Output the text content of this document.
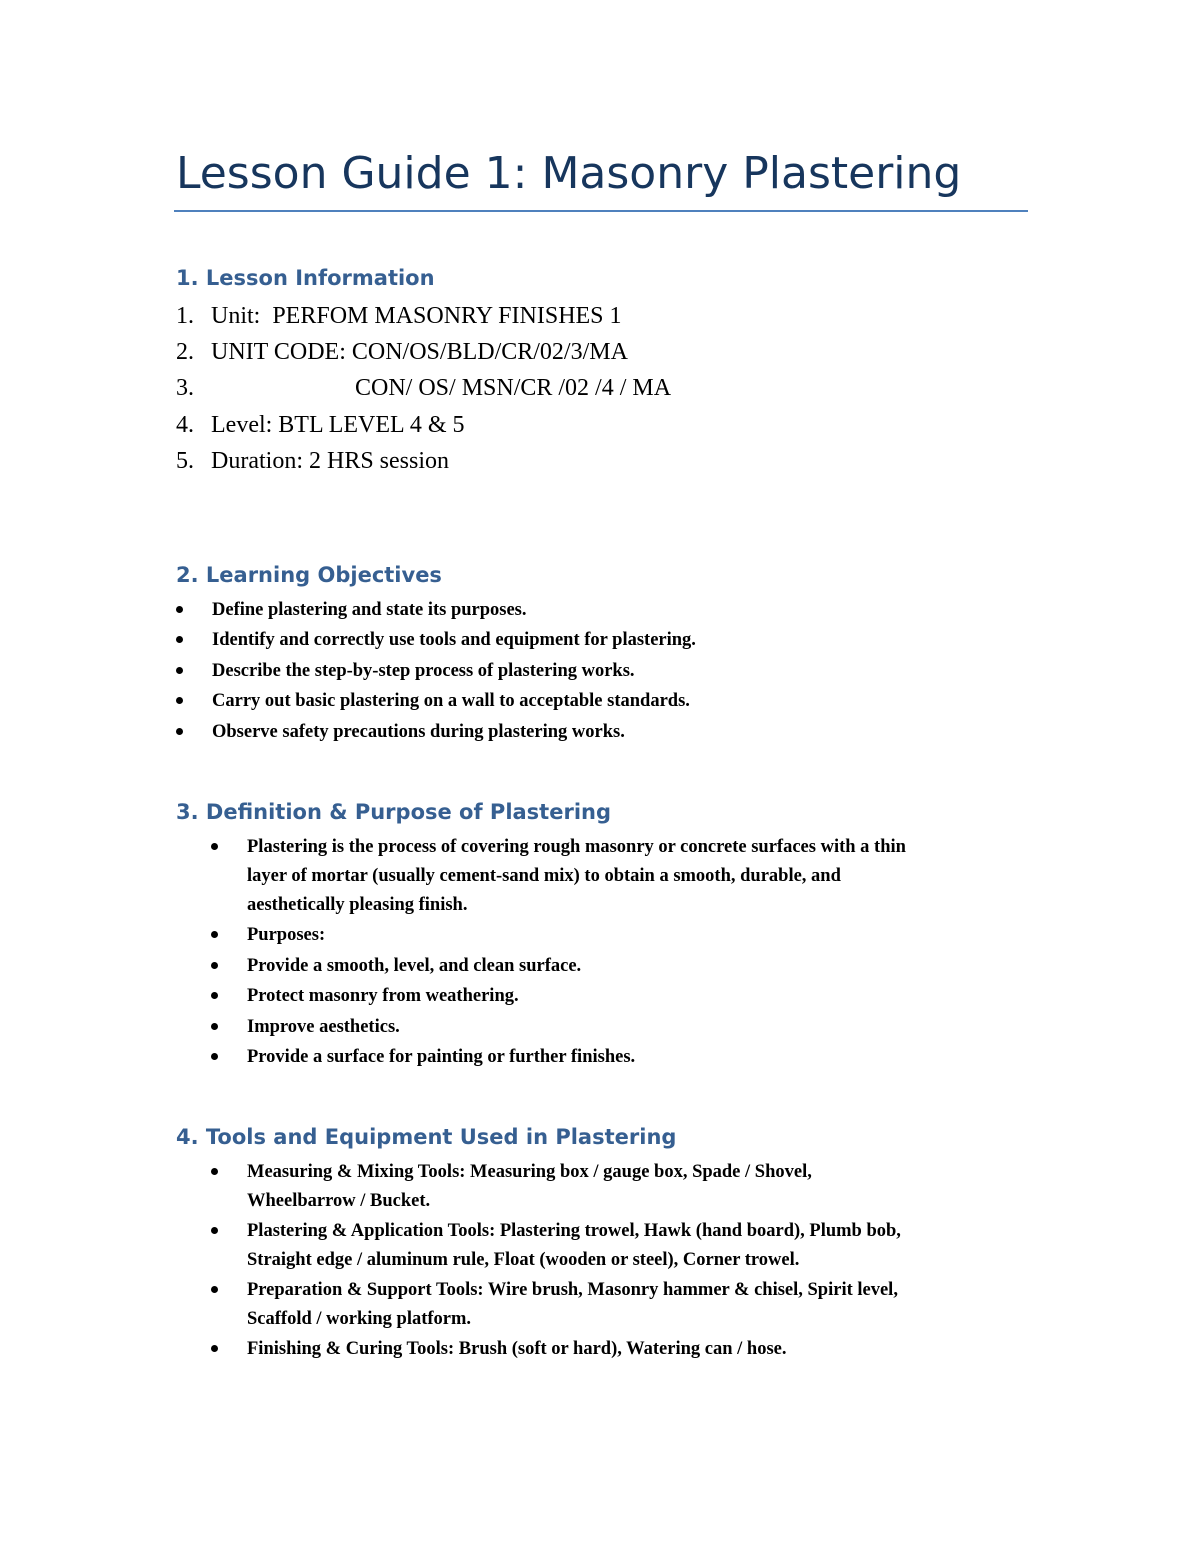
Lesson Guide 1: Masonry Plastering
1. Lesson Information
1. Unit:  PERFOM MASONRY FINISHES 1
2. UNIT CODE: CON/OS/BLD/CR/02/3/MA
3. CON/ OS/ MSN/CR /02 /4 / MA
4. Level: BTL LEVEL 4 & 5
5. Duration: 2 HRS session
2. Learning Objectives
Define plastering and state its purposes.
Identify and correctly use tools and equipment for plastering.
Describe the step-by-step process of plastering works.
Carry out basic plastering on a wall to acceptable standards.
Observe safety precautions during plastering works.
3. Definition & Purpose of Plastering
Plastering is the process of covering rough masonry or concrete surfaces with a thin
layer of mortar (usually cement-sand mix) to obtain a smooth, durable, and
aesthetically pleasing finish.
Purposes:
Provide a smooth, level, and clean surface.
Protect masonry from weathering.
Improve aesthetics.
Provide a surface for painting or further finishes.
4. Tools and Equipment Used in Plastering
Measuring & Mixing Tools: Measuring box / gauge box, Spade / Shovel,
Wheelbarrow / Bucket.
Plastering & Application Tools: Plastering trowel, Hawk (hand board), Plumb bob,
Straight edge / aluminum rule, Float (wooden or steel), Corner trowel.
Preparation & Support Tools: Wire brush, Masonry hammer & chisel, Spirit level,
Scaffold / working platform.
Finishing & Curing Tools: Brush (soft or hard), Watering can / hose.
